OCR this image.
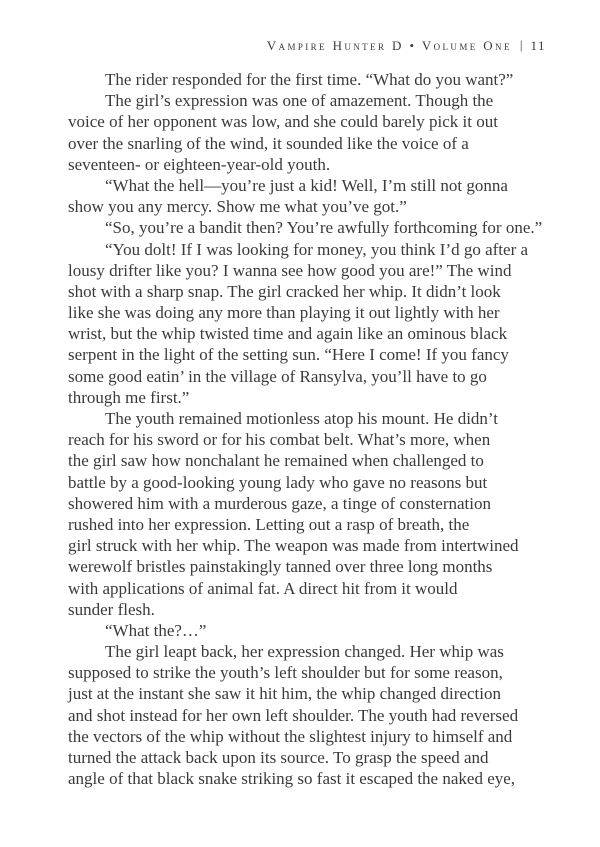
Vampire Hunter D • Volume One | 11
The rider responded for the first time. “What do you want?”
The girl’s expression was one of amazement. Though the
voice of her opponent was low, and she could barely pick it out
over the snarling of the wind, it sounded like the voice of a
seventeen- or eighteen-year-old youth.
“What the hell—you’re just a kid! Well, I’m still not gonna
show you any mercy. Show me what you’ve got.”
“So, you’re a bandit then? You’re awfully forthcoming for one.”
“You dolt! If I was looking for money, you think I’d go after a
lousy drifter like you? I wanna see how good you are!” The wind
shot with a sharp snap. The girl cracked her whip. It didn’t look
like she was doing any more than playing it out lightly with her
wrist, but the whip twisted time and again like an ominous black
serpent in the light of the setting sun. “Here I come! If you fancy
some good eatin’ in the village of Ransylva, you’ll have to go
through me first.”
The youth remained motionless atop his mount. He didn’t
reach for his sword or for his combat belt. What’s more, when
the girl saw how nonchalant he remained when challenged to
battle by a good-looking young lady who gave no reasons but
showered him with a murderous gaze, a tinge of consternation
rushed into her expression. Letting out a rasp of breath, the
girl struck with her whip. The weapon was made from intertwined
werewolf bristles painstakingly tanned over three long months
with applications of animal fat. A direct hit from it would
sunder flesh.
“What the?…”
The girl leapt back, her expression changed. Her whip was
supposed to strike the youth’s left shoulder but for some reason,
just at the instant she saw it hit him, the whip changed direction
and shot instead for her own left shoulder. The youth had reversed
the vectors of the whip without the slightest injury to himself and
turned the attack back upon its source. To grasp the speed and
angle of that black snake striking so fast it escaped the naked eye,
